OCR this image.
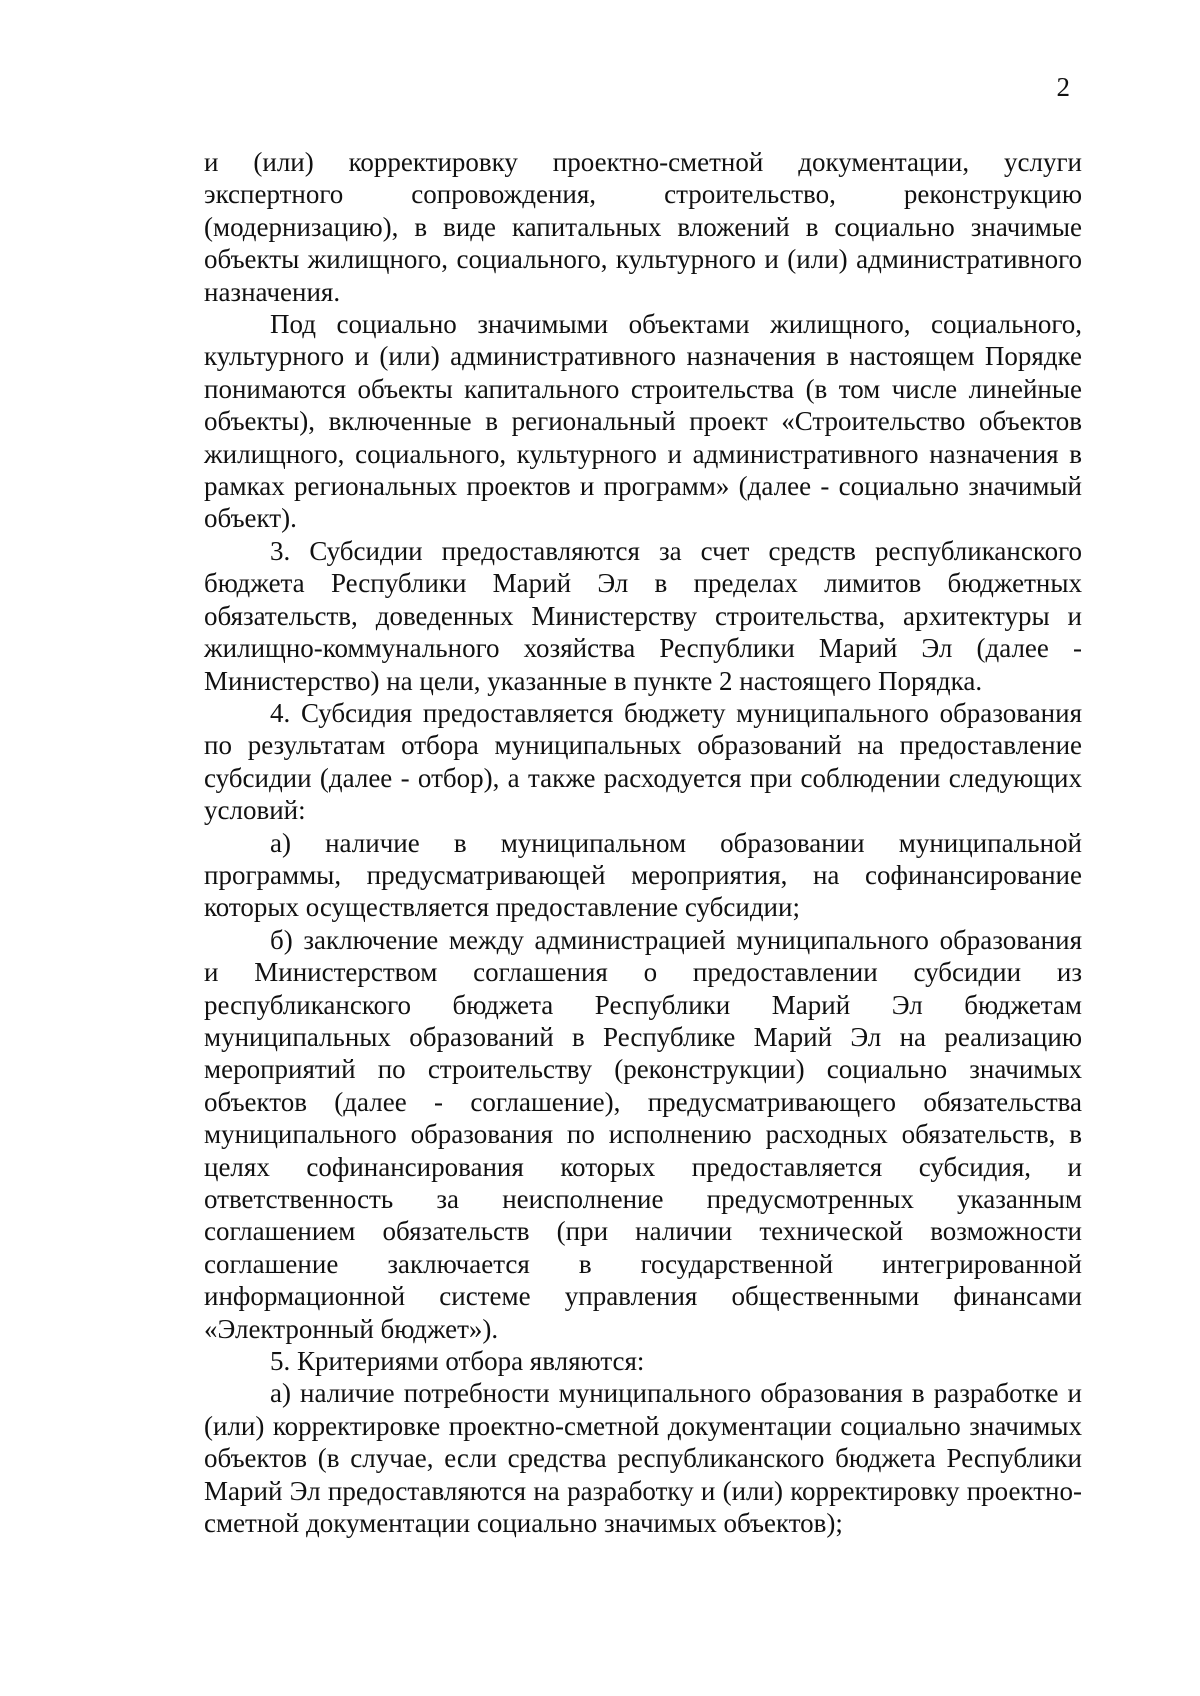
2

и (или) корректировку проектно-сметной документации, услуги экспертного сопровождения, строительство, реконструкцию (модернизацию), в виде капитальных вложений в социально значимые объекты жилищного, социального, культурного и (или) административного назначения.

Под социально значимыми объектами жилищного, социального, культурного и (или) административного назначения в настоящем Порядке понимаются объекты капитального строительства (в том числе линейные объекты), включенные в региональный проект «Строительство объектов жилищного, социального, культурного и административного назначения в рамках региональных проектов и программ» (далее - социально значимый объект).

3. Субсидии предоставляются за счет средств республиканского бюджета Республики Марий Эл в пределах лимитов бюджетных обязательств, доведенных Министерству строительства, архитектуры и жилищно-коммунального хозяйства Республики Марий Эл (далее - Министерство) на цели, указанные в пункте 2 настоящего Порядка.

4. Субсидия предоставляется бюджету муниципального образования по результатам отбора муниципальных образований на предоставление субсидии (далее - отбор), а также расходуется при соблюдении следующих условий:

а) наличие в муниципальном образовании муниципальной программы, предусматривающей мероприятия, на софинансирование которых осуществляется предоставление субсидии;

б) заключение между администрацией муниципального образования и Министерством соглашения о предоставлении субсидии из республиканского бюджета Республики Марий Эл бюджетам муниципальных образований в Республике Марий Эл на реализацию мероприятий по строительству (реконструкции) социально значимых объектов (далее - соглашение), предусматривающего обязательства муниципального образования по исполнению расходных обязательств, в целях софинансирования которых предоставляется субсидия, и ответственность за неисполнение предусмотренных указанным соглашением обязательств (при наличии технической возможности соглашение заключается в государственной интегрированной информационной системе управления общественными финансами «Электронный бюджет»).

5. Критериями отбора являются:

а) наличие потребности муниципального образования в разработке и (или) корректировке проектно-сметной документации социально значимых объектов (в случае, если средства республиканского бюджета Республики Марий Эл предоставляются на разработку и (или) корректировку проектно-сметной документации социально значимых объектов);
